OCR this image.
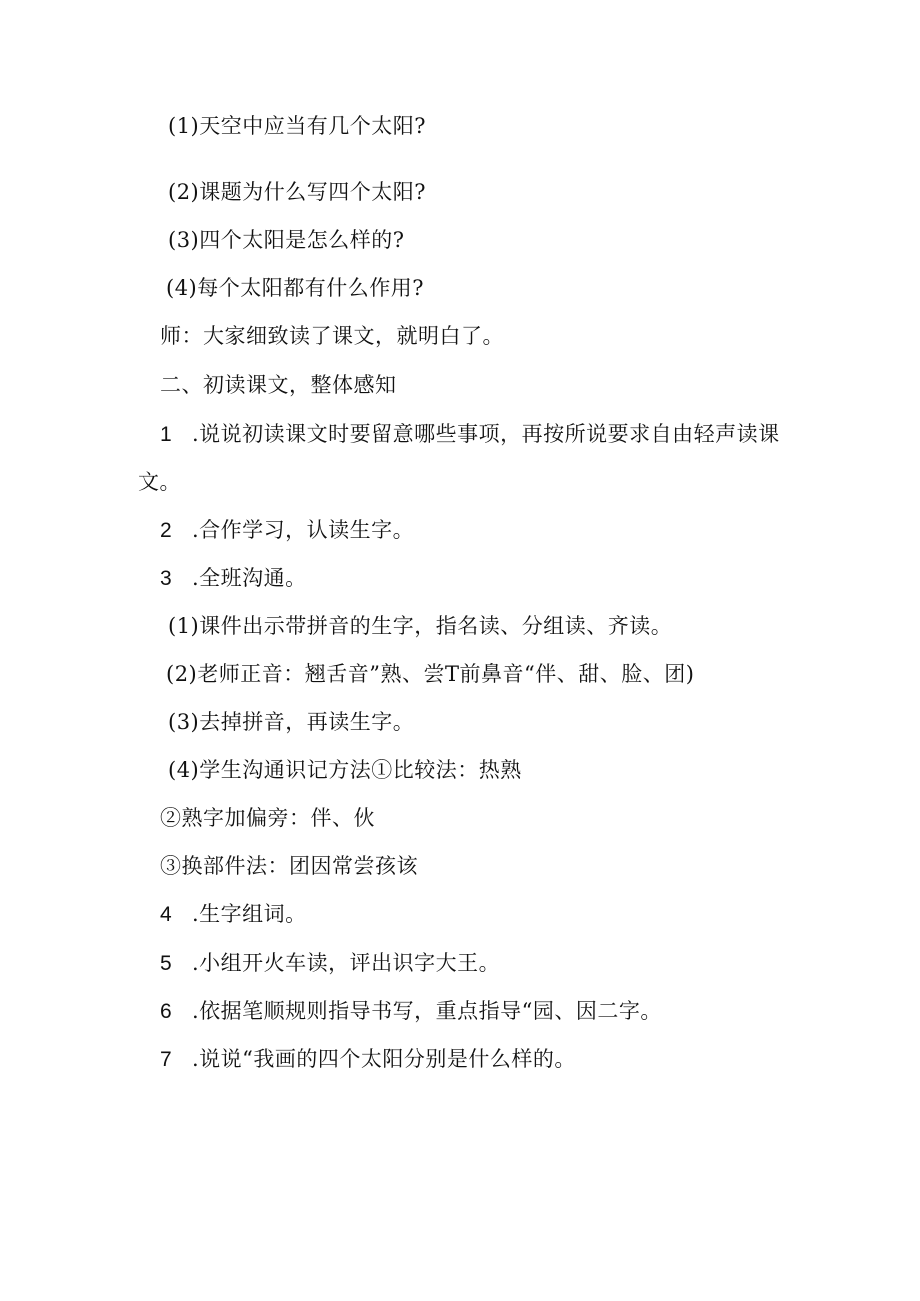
(1)天空中应当有几个太阳?
(2)课题为什么写四个太阳?
(3)四个太阳是怎么样的?
(4)每个太阳都有什么作用?
师：大家细致读了课文，就明白了。
二、初读课文，整体感知
1 .说说初读课文时要留意哪些事项，再按所说要求自由轻声读课
文。
2 .合作学习，认读生字。
3 .全班沟通。
(1)课件出示带拼音的生字，指名读、分组读、齐读。
(2)老师正音：翘舌音”熟、尝T前鼻音“伴、甜、脸、团)
(3)去掉拼音，再读生字。
(4)学生沟通识记方法①比较法：热熟
②熟字加偏旁：伴、伙
③换部件法：团因常尝孩该
4 .生字组词。
5 .小组开火车读，评出识字大王。
6 .依据笔顺规则指导书写，重点指导“园、因二字。
7 .说说“我画的四个太阳分别是什么样的。
